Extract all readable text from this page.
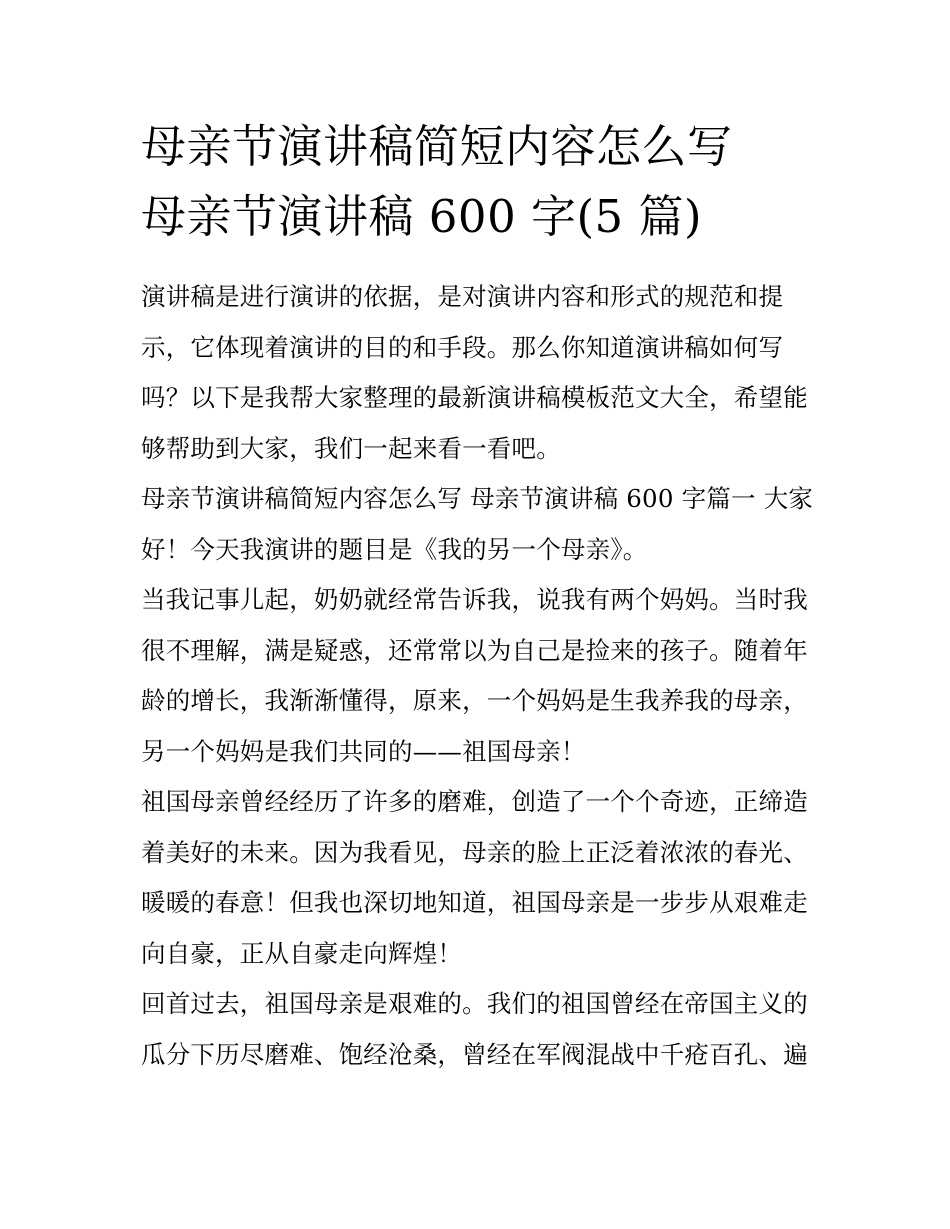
母亲节演讲稿简短内容怎么写
母亲节演讲稿 600 字(5 篇)

演讲稿是进行演讲的依据，是对演讲内容和形式的规范和提
示，它体现着演讲的目的和手段。那么你知道演讲稿如何写
吗？以下是我帮大家整理的最新演讲稿模板范文大全，希望能
够帮助到大家，我们一起来看一看吧。

母亲节演讲稿简短内容怎么写 母亲节演讲稿 600 字篇一 大家
好！今天我演讲的题目是《我的另一个母亲》。

当我记事儿起，奶奶就经常告诉我，说我有两个妈妈。当时我
很不理解，满是疑惑，还常常以为自己是捡来的孩子。随着年
龄的增长，我渐渐懂得，原来，一个妈妈是生我养我的母亲，
另一个妈妈是我们共同的——祖国母亲！

祖国母亲曾经经历了许多的磨难，创造了一个个奇迹，正缔造
着美好的未来。因为我看见，母亲的脸上正泛着浓浓的春光、
暖暖的春意！但我也深切地知道，祖国母亲是一步步从艰难走
向自豪，正从自豪走向辉煌！

回首过去，祖国母亲是艰难的。我们的祖国曾经在帝国主义的
瓜分下历尽磨难、饱经沧桑，曾经在军阀混战中千疮百孔、遍
